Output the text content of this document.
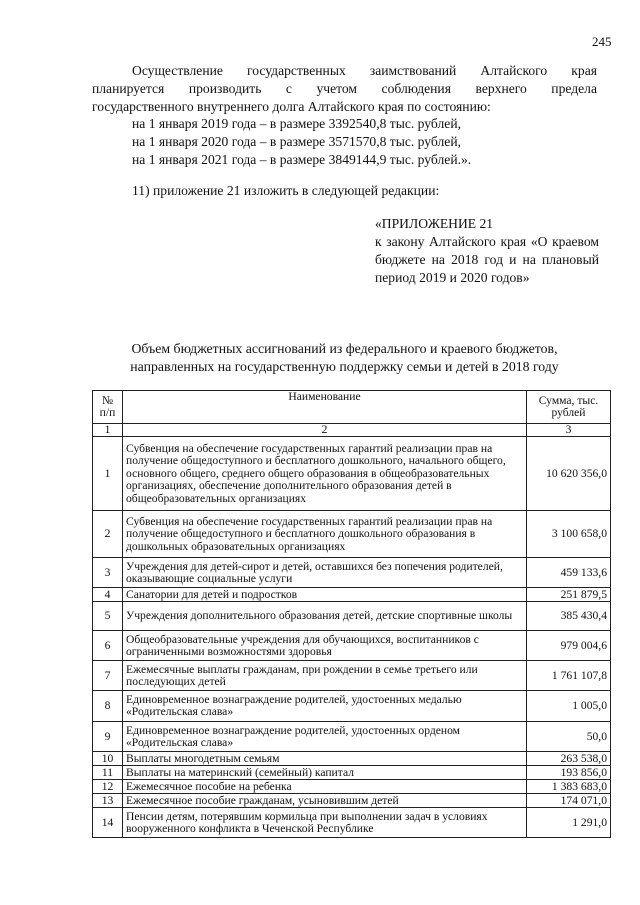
245
Осуществление государственных заимствований Алтайского края
планируется производить с учетом соблюдения верхнего предела
государственного внутреннего долга Алтайского края по состоянию:
на 1 января 2019 года – в размере 3392540,8 тыс. рублей,
на 1 января 2020 года – в размере 3571570,8 тыс. рублей,
на 1 января 2021 года – в размере 3849144,9 тыс. рублей.».
11) приложение 21 изложить в следующей редакции:
«ПРИЛОЖЕНИЕ 21
к закону Алтайского края «О краевом бюджете на 2018 год и на плановый период 2019 и 2020 годов»
Объем бюджетных ассигнований из федерального и краевого бюджетов,
направленных на государственную поддержку семьи и детей в 2018 году
№ п/п	Наименование	Сумма, тыс. рублей
1	2	3
1	Субвенция на обеспечение государственных гарантий реализации прав на получение общедоступного и бесплатного дошкольного, начального общего, основного общего, среднего общего образования в общеобразовательных организациях, обеспечение дополнительного образования детей в общеобразовательных организациях	10 620 356,0
2	Субвенция на обеспечение государственных гарантий реализации прав на получение общедоступного и бесплатного дошкольного образования в дошкольных образовательных организациях	3 100 658,0
3	Учреждения для детей-сирот и детей, оставшихся без попечения родителей, оказывающие социальные услуги	459 133,6
4	Санатории для детей и подростков	251 879,5
5	Учреждения дополнительного образования детей, детские спортивные школы	385 430,4
6	Общеобразовательные учреждения для обучающихся, воспитанников с ограниченными возможностями здоровья	979 004,6
7	Ежемесячные выплаты гражданам, при рождении в семье третьего или последующих детей	1 761 107,8
8	Единовременное вознаграждение родителей, удостоенных медалью «Родительская слава»	1 005,0
9	Единовременное вознаграждение родителей, удостоенных орденом «Родительская слава»	50,0
10	Выплаты многодетным семьям	263 538,0
11	Выплаты на материнский (семейный) капитал	193 856,0
12	Ежемесячное пособие на ребенка	1 383 683,0
13	Ежемесячное пособие гражданам, усыновившим детей	174 071,0
14	Пенсии детям, потерявшим кормильца при выполнении задач в условиях вооруженного конфликта в Чеченской Республике	1 291,0
